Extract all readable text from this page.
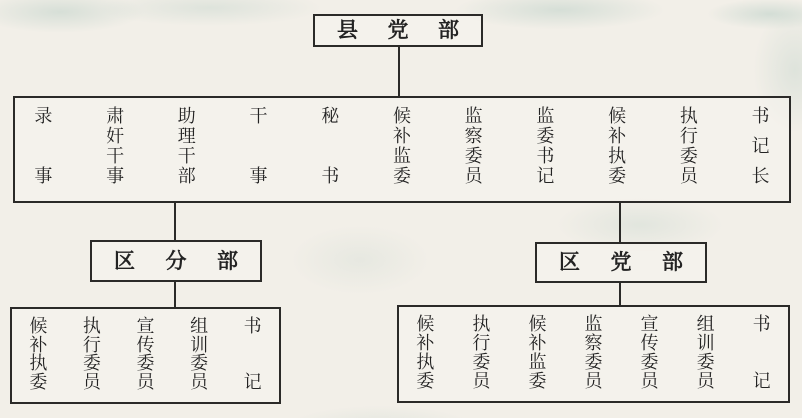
县 党 部
录
事
肃
奸
干
事
助
理
干
部
干
事
秘
书
候
补
监
委
监
察
委
员
监
委
书
记
候
补
执
委
执
行
委
员
书
记
长
区 分 部	区 党 部
候
补
执
委
执
行
委
员
宣
传
委
员
组
训
委
员
书
记
候
补
执
委
执
行
委
员
候
补
监
委
监
察
委
员
宣
传
委
员
组
训
委
员
书
记
